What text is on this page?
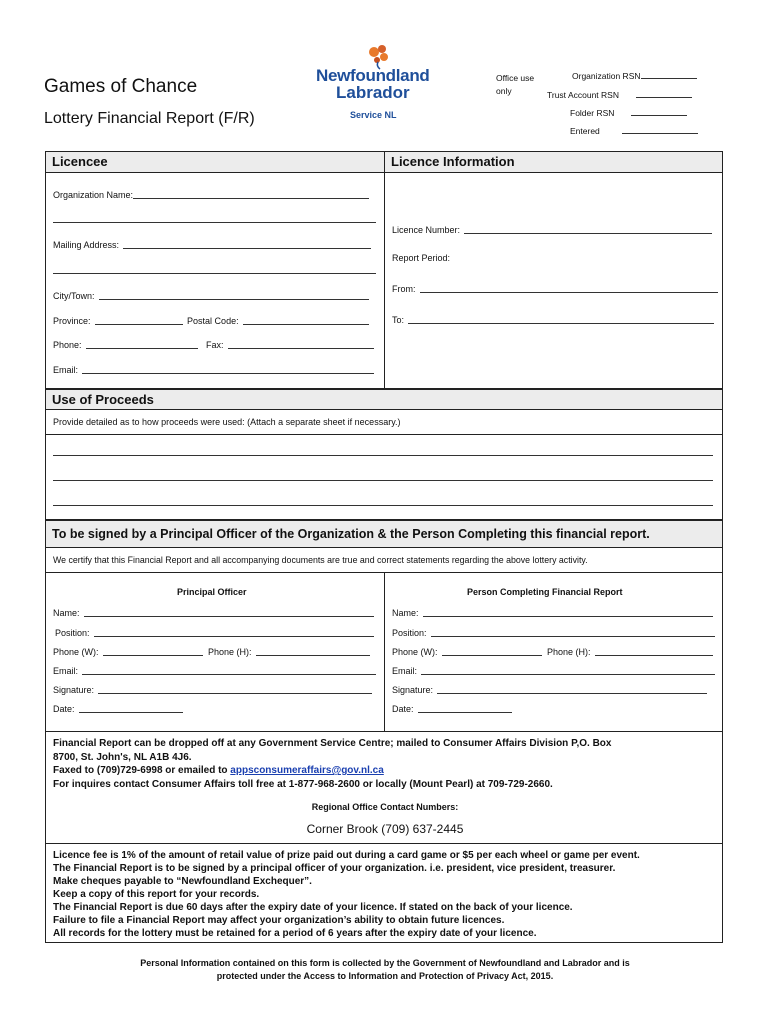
Games of Chance
Lottery Financial Report (F/R)
Newfoundland
Labrador
Service NL
Office use only
Organization RSN
Trust Account RSN
Folder RSN
Entered
Licencee	Licence Information
Organization Name:
Mailing Address:
City/Town:
Province:	Postal Code:
Phone:	Fax:
Email:
Licence Number:
Report Period:
From:
To:
Use of Proceeds
Provide detailed as to how proceeds were used: (Attach a separate sheet if necessary.)
To be signed by a Principal Officer of the Organization & the Person Completing this financial report.
We certify that this Financial Report and all accompanying documents are true and correct statements regarding the above lottery activity.
Principal Officer	Person Completing Financial Report
Name:
Position:
Phone (W):	Phone (H):
Email:
Signature:
Date:
Name:
Position:
Phone (W):	Phone (H):
Email:
Signature:
Date:
Financial Report can be dropped off at any Government Service Centre; mailed to Consumer Affairs Division P,O. Box
8700, St. John's, NL A1B 4J6.
Faxed to (709)729-6998 or emailed to appsconsumeraffairs@gov.nl.ca
For inquires contact Consumer Affairs toll free at 1-877-968-2600 or locally (Mount Pearl) at 709-729-2660.
Regional Office Contact Numbers:
Corner Brook (709) 637-2445

Licence fee is 1% of the amount of retail value of prize paid out during a card game or $5 per each wheel or game per event.

The Financial Report is to be signed by a principal officer of your organization. i.e. president, vice president, treasurer.

Make cheques payable to “Newfoundland Exchequer”.

Keep a copy of this report for your records.

The Financial Report is due 60 days after the expiry date of your licence. If stated on the back of your licence.

Failure to file a Financial Report may affect your organization’s ability to obtain future licences.

All records for the lottery must be retained for a period of 6 years after the expiry date of your licence.

Personal Information contained on this form is collected by the Government of Newfoundland and Labrador and is
protected under the Access to Information and Protection of Privacy Act, 2015.
